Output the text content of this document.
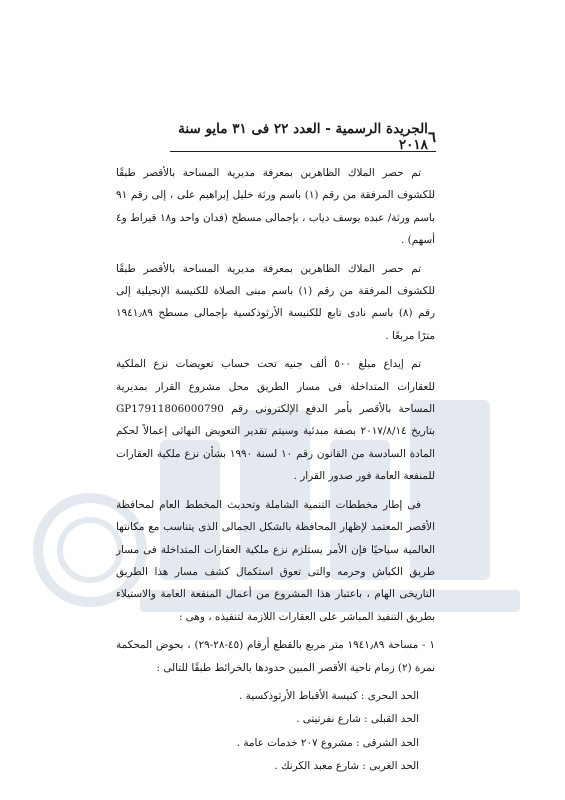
٦
الجريدة الرسمية - العدد ٢٢ فى ٣١ مايو سنة ٢٠١٨

تم حصر الملاك الظاهرين بمعرفة مديرية المساحة بالأقصر طبقًا للكشوف المرفقة من رقم (١) باسم ورثة خليل إبراهيم على ، إلى رقم ٩١ باسم ورثة/ عبده يوسف دياب ، بإجمالى مسطح (فدان واحد و١٨ قيراط و٤ أسهم) .

تم حصر الملاك الظاهرين بمعرفة مديرية المساحة بالأقصر طبقًا للكشوف المرفقة من رقم (١) باسم مبنى الصلاة للكنيسة الإنجيلية إلى رقم (٨) باسم نادى تابع للكنيسة الأرثوذكسية بإجمالى مسطح ١٩٤١٫٨٩ مترًا مربعًا .

تم إيداع مبلغ ٥٠٠ ألف جنيه تحت حساب تعويضات نزع الملكية للعقارات المتداخلة فى مسار الطريق محل مشروع القرار بمديرية المساحة بالأقصر بأمر الدفع الإلكترونى رقم GP17911806000790 بتاريخ ٢٠١٧/٨/١٤ بصفة مبدئية وسيتم تقدير التعويض النهائى إعمالاً لحكم المادة السادسة من القانون رقم ١٠ لسنة ١٩٩٠ بشأن نزع ملكية العقارات للمنفعة العامة فور صدور القرار .

فى إطار مخططات التنمية الشاملة وتحديث المخطط العام لمحافظة الأقصر المعتمد لإظهار المحافظة بالشكل الجمالى الذى يتناسب مع مكانتها العالمية سياحيًا فإن الأمر يستلزم نزع ملكية العقارات المتداخلة فى مسار طريق الكباش وحرمه والتى تعوق استكمال كشف مسار هذا الطريق التاريخى الهام ، باعتبار هذا المشروع من أعمال المنفعة العامة والاستيلاء بطريق التنفيذ المباشر على العقارات اللازمة لتنفيذه ، وهى :

١ - مساحة ١٩٤١٫٨٩ متر مربع بالقطع أرقام (٤٥-٢٨-٢٩) ، بحوض المحكمة نمرة (٢) زمام ناحية الأقصر المبين حدودها بالخرائط طبقًا للتالى :

الحد البحرى : كنيسة الأقباط الأرثوذكسية .
الحد القبلى : شارع نفرتيتى .
الحد الشرقى : مشروع ٢٠٧ خدمات عامة .
الحد الغربى : شارع معبد الكرنك .
